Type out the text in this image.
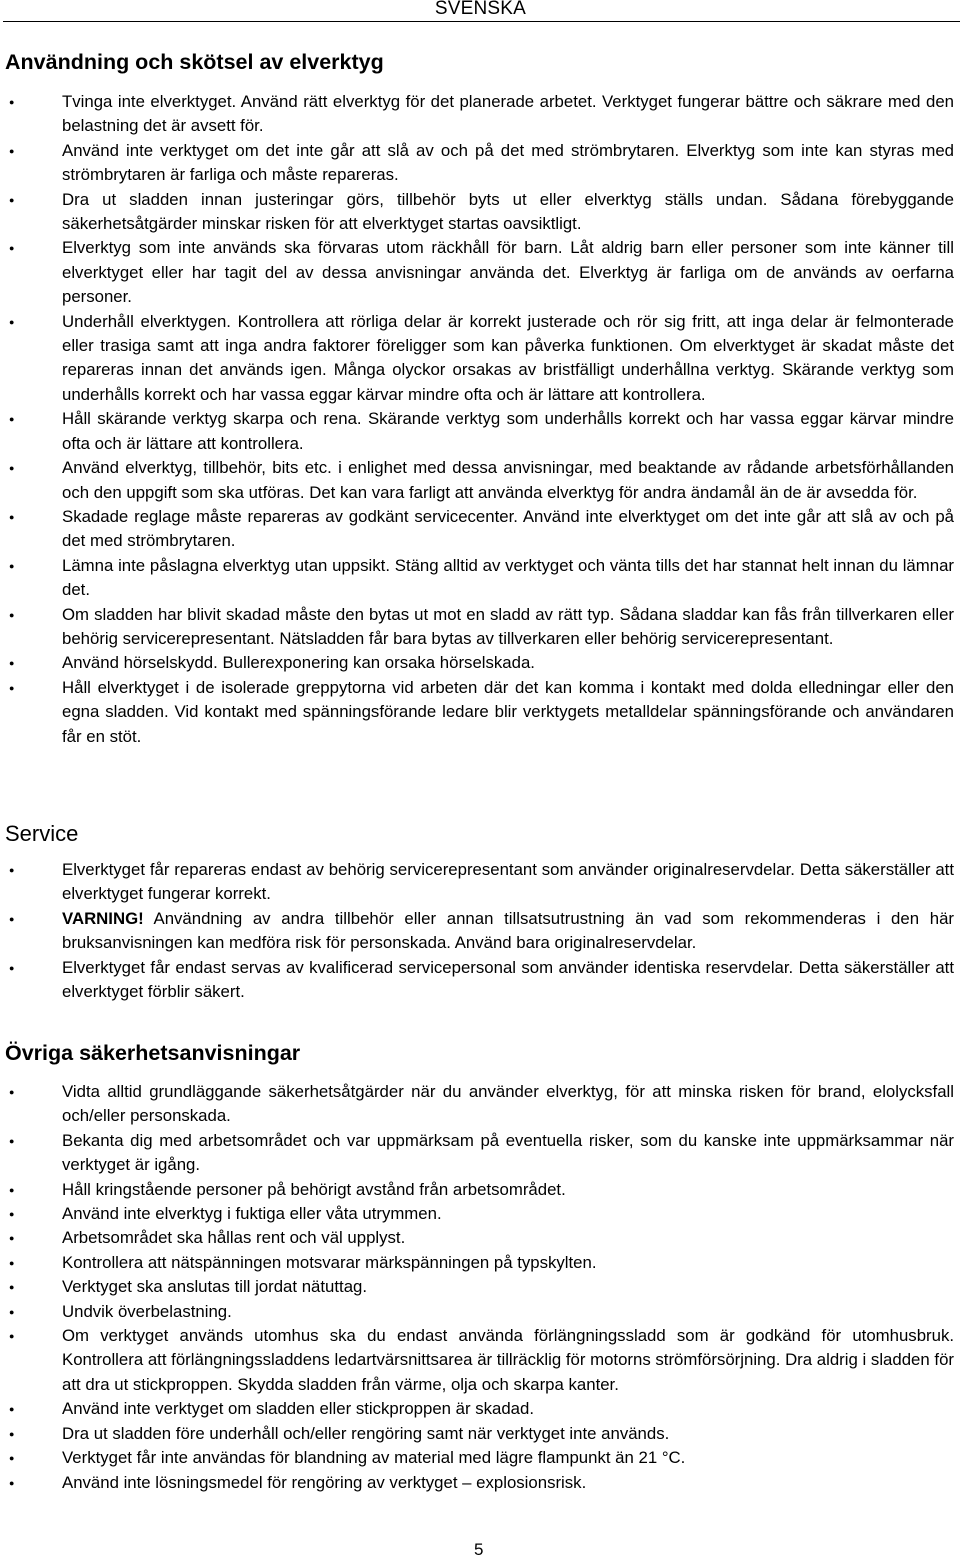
SVENSKA
Användning och skötsel av elverktyg
●	Tvinga inte elverktyget. Använd rätt elverktyg för det planerade arbetet. Verktyget fungerar bättre och säkrare med den belastning det är avsett för.
●	Använd inte verktyget om det inte går att slå av och på det med strömbrytaren. Elverktyg som inte kan styras med strömbrytaren är farliga och måste repareras.
●	Dra ut sladden innan justeringar görs, tillbehör byts ut eller elverktyg ställs undan. Sådana förebyggande säkerhetsåtgärder minskar risken för att elverktyget startas oavsiktligt.
●	Elverktyg som inte används ska förvaras utom räckhåll för barn. Låt aldrig barn eller personer som inte känner till elverktyget eller har tagit del av dessa anvisningar använda det. Elverktyg är farliga om de används av oerfarna personer.
●	Underhåll elverktygen. Kontrollera att rörliga delar är korrekt justerade och rör sig fritt, att inga delar är felmonterade eller trasiga samt att inga andra faktorer föreligger som kan påverka funktionen. Om elverktyget är skadat måste det repareras innan det används igen. Många olyckor orsakas av bristfälligt underhållna verktyg. Skärande verktyg som underhålls korrekt och har vassa eggar kärvar mindre ofta och är lättare att kontrollera.
●	Håll skärande verktyg skarpa och rena. Skärande verktyg som underhålls korrekt och har vassa eggar kärvar mindre ofta och är lättare att kontrollera.
●	Använd elverktyg, tillbehör, bits etc. i enlighet med dessa anvisningar, med beaktande av rådande arbetsförhållanden och den uppgift som ska utföras. Det kan vara farligt att använda elverktyg för andra ändamål än de är avsedda för.
●	Skadade reglage måste repareras av godkänt servicecenter. Använd inte elverktyget om det inte går att slå av och på det med strömbrytaren.
●	Lämna inte påslagna elverktyg utan uppsikt. Stäng alltid av verktyget och vänta tills det har stannat helt innan du lämnar det.
●	Om sladden har blivit skadad måste den bytas ut mot en sladd av rätt typ. Sådana sladdar kan fås från tillverkaren eller behörig servicerepresentant. Nätsladden får bara bytas av tillverkaren eller behörig servicerepresentant.
●	Använd hörselskydd. Bullerexponering kan orsaka hörselskada.
●	Håll elverktyget i de isolerade greppytorna vid arbeten där det kan komma i kontakt med dolda elledningar eller den egna sladden. Vid kontakt med spänningsförande ledare blir verktygets metalldelar spänningsförande och användaren får en stöt.
Service
●	Elverktyget får repareras endast av behörig servicerepresentant som använder originalreservdelar. Detta säkerställer att elverktyget fungerar korrekt.
●	VARNING! Användning av andra tillbehör eller annan tillsatsutrustning än vad som rekommenderas i den här bruksanvisningen kan medföra risk för personskada. Använd bara originalreservdelar.
●	Elverktyget får endast servas av kvalificerad servicepersonal som använder identiska reservdelar. Detta säkerställer att elverktyget förblir säkert.
Övriga säkerhetsanvisningar
●	Vidta alltid grundläggande säkerhetsåtgärder när du använder elverktyg, för att minska risken för brand, elolycksfall och/eller personskada.
●	Bekanta dig med arbetsområdet och var uppmärksam på eventuella risker, som du kanske inte uppmärksammar när verktyget är igång.
●	Håll kringstående personer på behörigt avstånd från arbetsområdet.
●	Använd inte elverktyg i fuktiga eller våta utrymmen.
●	Arbetsområdet ska hållas rent och väl upplyst.
●	Kontrollera att nätspänningen motsvarar märkspänningen på typskylten.
●	Verktyget ska anslutas till jordat nätuttag.
●	Undvik överbelastning.
●	Om verktyget används utomhus ska du endast använda förlängningssladd som är godkänd för utomhusbruk. Kontrollera att förlängningssladdens ledartvärsnittsarea är tillräcklig för motorns strömförsörjning. Dra aldrig i sladden för att dra ut stickproppen. Skydda sladden från värme, olja och skarpa kanter.
●	Använd inte verktyget om sladden eller stickproppen är skadad.
●	Dra ut sladden före underhåll och/eller rengöring samt när verktyget inte används.
●	Verktyget får inte användas för blandning av material med lägre flampunkt än 21 °C.
●	Använd inte lösningsmedel för rengöring av verktyget – explosionsrisk.
5
